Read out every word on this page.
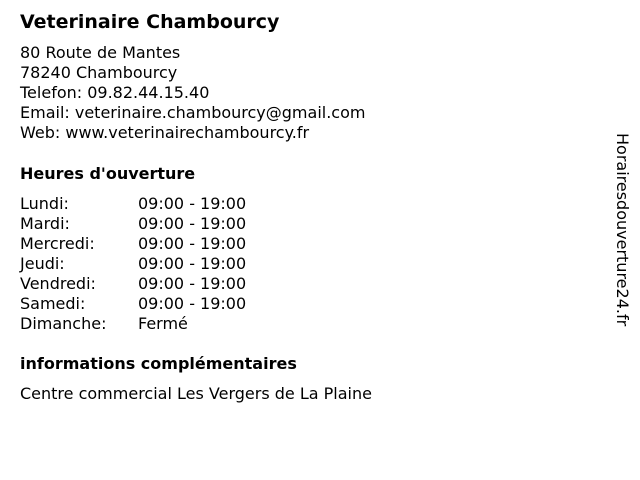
Veterinaire Chambourcy
80 Route de Mantes
78240 Chambourcy
Telefon: 09.82.44.15.40
Email: veterinaire.chambourcy@gmail.com
Web: www.veterinairechambourcy.fr
Heures d'ouverture
Lundi:	09:00 - 19:00
Mardi:	09:00 - 19:00
Mercredi:	09:00 - 19:00
Jeudi:	09:00 - 19:00
Vendredi:	09:00 - 19:00
Samedi:	09:00 - 19:00
Dimanche: Fermé
informations complémentaires
Centre commercial Les Vergers de La Plaine
Horairesdouverture24.fr
